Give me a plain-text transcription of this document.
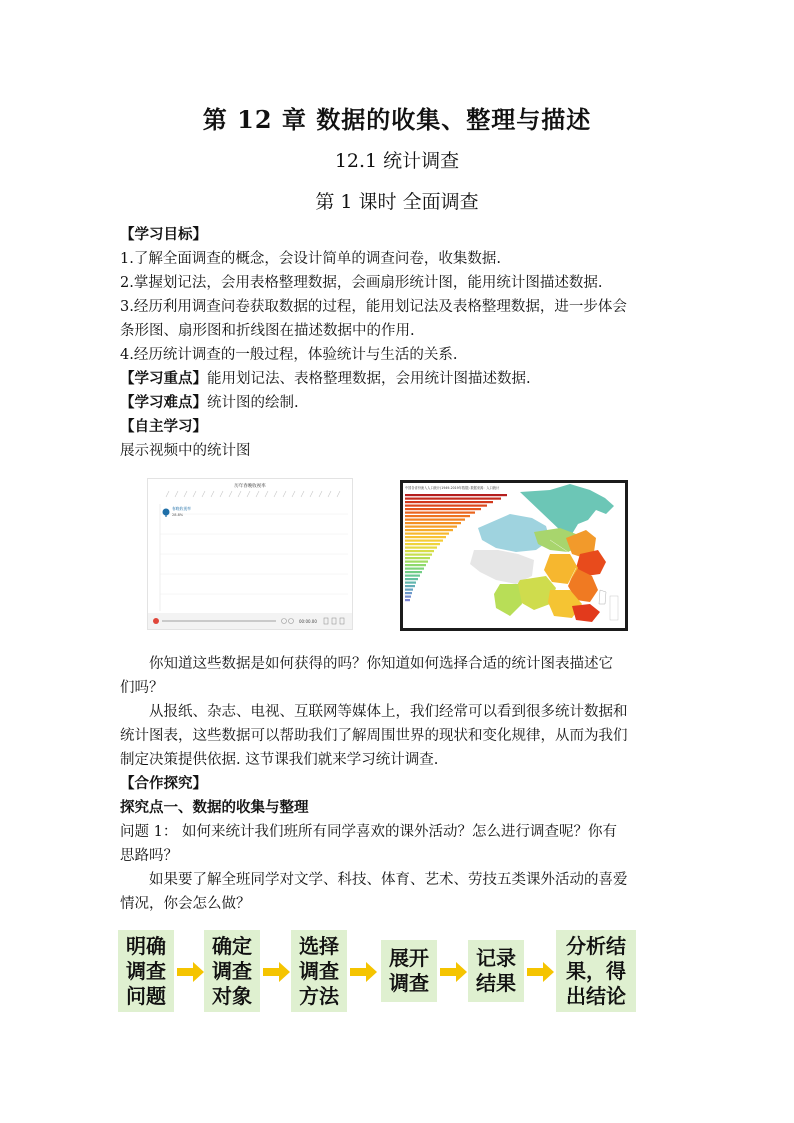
第 12 章 数据的收集、整理与描述
12.1 统计调查
第 1 课时 全面调查
【学习目标】
1.了解全面调查的概念，会设计简单的调查问卷，收集数据.
2.掌握划记法，会用表格整理数据，会画扇形统计图，能用统计图描述数据.
3.经历利用调查问卷获取数据的过程，能用划记法及表格整理数据，进一步体会
条形图、扇形图和折线图在描述数据中的作用.
4.经历统计调查的一般过程，体验统计与生活的关系.
【学习重点】能用划记法、表格整理数据，会用统计图描述数据.
【学习难点】统计图的绘制.
【自主学习】
展示视频中的统计图
历年春晚收视率
春晚收视率
28.8%
00:00.00
中国各省份流入人口统计(1949-2019年数据) 数据来源：人口统计
你知道这些数据是如何获得的吗？你知道如何选择合适的统计图表描述它
们吗？
从报纸、杂志、电视、互联网等媒体上，我们经常可以看到很多统计数据和
统计图表，这些数据可以帮助我们了解周围世界的现状和变化规律，从而为我们
制定决策提供依据. 这节课我们就来学习统计调查.
【合作探究】
探究点一、数据的收集与整理
问题 1： 如何来统计我们班所有同学喜欢的课外活动？怎么进行调查呢？你有
思路吗？
如果要了解全班同学对文学、科技、体育、艺术、劳技五类课外活动的喜爱
情况，你会怎么做？
明确
调查
问题
确定
调查
对象
选择
调查
方法
展开
调查
记录
结果
分析结
果，得
出结论
